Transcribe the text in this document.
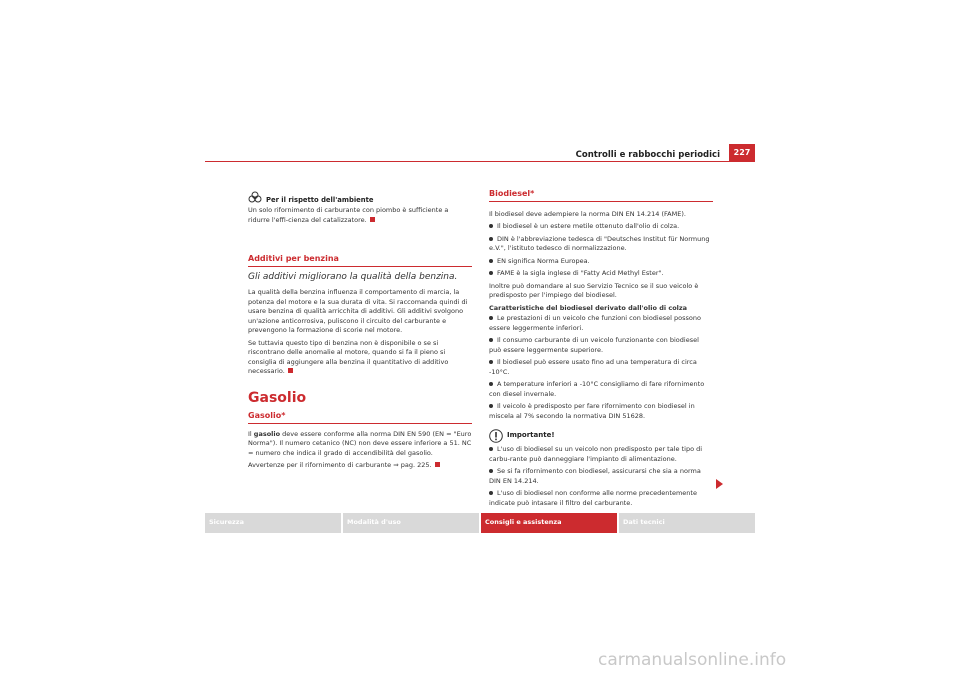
Controlli e rabbocchi periodici	227
Per il rispetto dell'ambiente

Un solo rifornimento di carburante con piombo è sufficiente a ridurre l'effi-cienza del catalizzatore.

Additivi per benzina
Gli additivi migliorano la qualità della benzina.

La qualità della benzina influenza il comportamento di marcia, la potenza del motore e la sua durata di vita. Si raccomanda quindi di usare benzina di qualità arricchita di additivi. Gli additivi svolgono un'azione anticorrosiva, puliscono il circuito del carburante e prevengono la formazione di scorie nel motore.

Se tuttavia questo tipo di benzina non è disponibile o se si riscontrano delle anomalie al motore, quando si fa il pieno si consiglia di aggiungere alla benzina il quantitativo di additivo necessario.

Gasolio
Gasolio*

Il gasolio deve essere conforme alla norma DIN EN 590 (EN = "Euro Norma"). Il numero cetanico (NC) non deve essere inferiore a 51. NC = numero che indica il grado di accendibilità del gasolio.

Avvertenze per il rifornimento di carburante ⇒ pag. 225.

Biodiesel*

Il biodiesel deve adempiere la norma DIN EN 14.214 (FAME).

Il biodiesel è un estere metile ottenuto dall'olio di colza.

DIN è l'abbreviazione tedesca di "Deutsches Institut für Normung e.V.", l'istituto tedesco di normalizzazione.

EN significa Norma Europea.

FAME è la sigla inglese di "Fatty Acid Methyl Ester".

Inoltre può domandare al suo Servizio Tecnico se il suo veicolo è predisposto per l'impiego del biodiesel.

Caratteristiche del biodiesel derivato dall'olio di colza

Le prestazioni di un veicolo che funzioni con biodiesel possono essere leggermente inferiori.

Il consumo carburante di un veicolo funzionante con biodiesel può essere leggermente superiore.

Il biodiesel può essere usato fino ad una temperatura di circa -10°C.

A temperature inferiori a -10°C consigliamo di fare rifornimento con diesel invernale.

Il veicolo è predisposto per fare rifornimento con biodiesel in miscela al 7% secondo la normativa DIN 51628.

Importante!

L'uso di biodiesel su un veicolo non predisposto per tale tipo di carbu-rante può danneggiare l'impianto di alimentazione.

Se si fa rifornimento con biodiesel, assicurarsi che sia a norma DIN EN 14.214.

L'uso di biodiesel non conforme alle norme precedentemente indicate può intasare il filtro del carburante.

Sicurezza	Modalità d'uso	Consigli e assistenza	Dati tecnici
carmanualsonline.info
